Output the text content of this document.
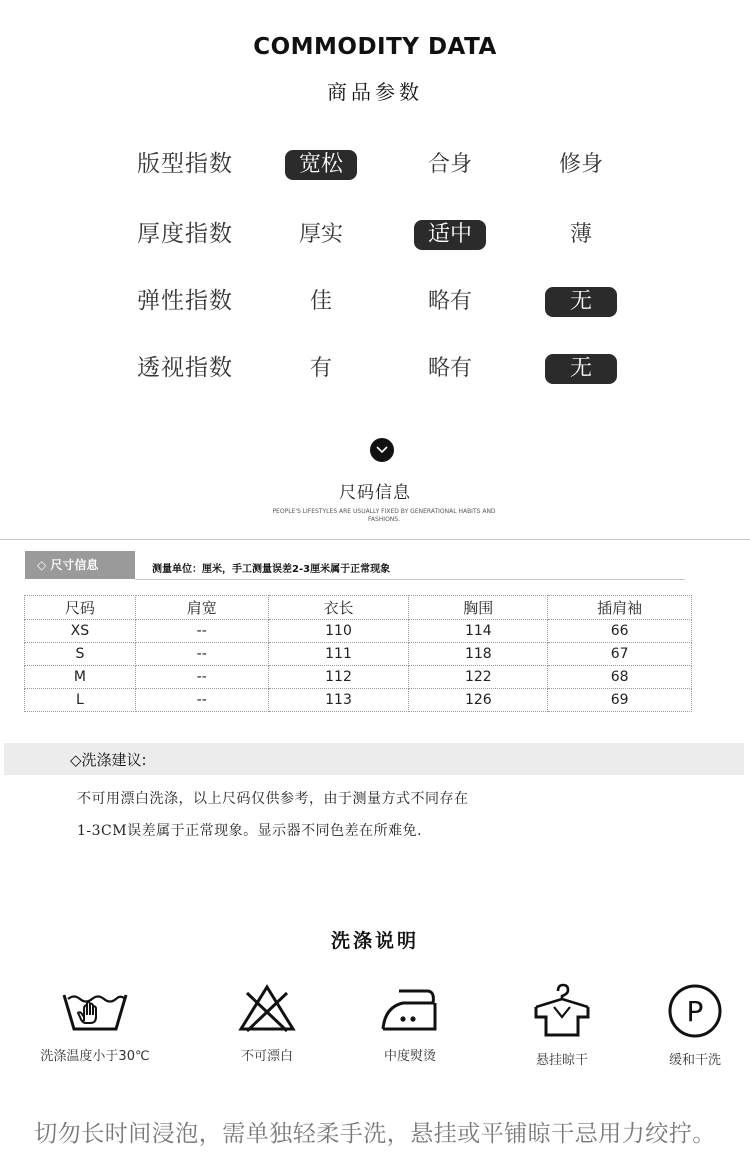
COMMODITY DATA
商品参数
版型指数	宽松	合身	修身
厚度指数	厚实	适中	薄
弹性指数	佳	略有	无
透视指数	有	略有	无
尺码信息
PEOPLE'S LIFESTYLES ARE USUALLY FIXED BY GENERATIONAL HABITS AND FASHIONS.
◇ 尺寸信息	测量单位：厘米，手工测量误差2-3厘米属于正常现象
尺码	肩宽	衣长	胸围	插肩袖
XS	--	110	114	66
S	--	111	118	67
M	--	112	122	68
L	--	113	126	69
◇洗涤建议:
不可用漂白洗涤，以上尺码仅供参考，由于测量方式不同存在
1-3CM误差属于正常现象。显示器不同色差在所难免.
洗涤说明
洗涤温度小于30℃	不可漂白	中度熨烫	悬挂晾干
P
缓和干洗
切勿长时间浸泡，需单独轻柔手洗，悬挂或平铺晾干忌用力绞拧。
